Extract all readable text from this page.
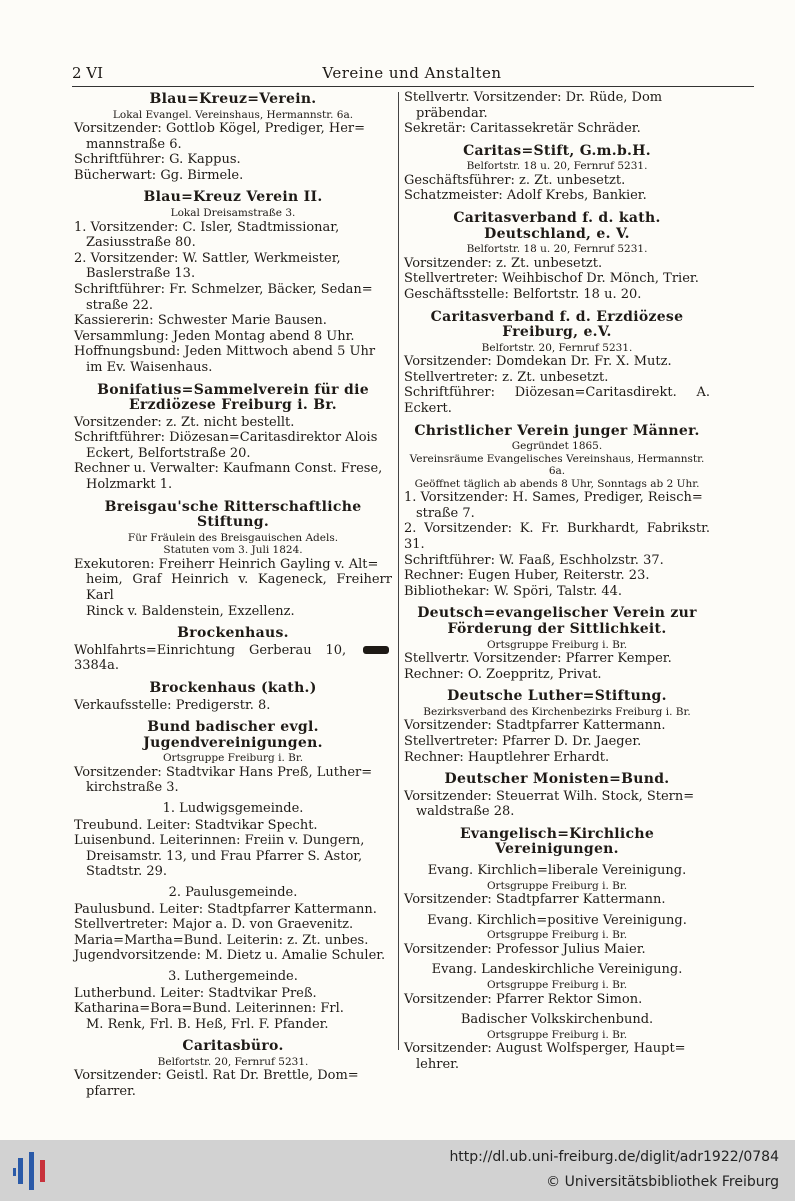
2 VI	Vereine und Anstalten
Blau=Kreuz=Verein.
Lokal Evangel. Vereinshaus, Hermannstr. 6a.
Vorsitzender: Gottlob Kögel, Prediger, Her=
mannstraße 6.
Schriftführer: G. Kappus.
Bücherwart: Gg. Birmele.
Blau=Kreuz Verein II.
Lokal Dreisamstraße 3.
1. Vorsitzender: C. Isler, Stadtmissionar,
Zasiusstraße 80.
2. Vorsitzender: W. Sattler, Werkmeister,
Baslerstraße 13.
Schriftführer: Fr. Schmelzer, Bäcker, Sedan=
straße 22.
Kassiererin: Schwester Marie Bausen.
Versammlung: Jeden Montag abend 8 Uhr.
Hoffnungsbund: Jeden Mittwoch abend 5 Uhr
im Ev. Waisenhaus.
Bonifatius=Sammelverein für die Erzdiözese Freiburg i. Br.
Vorsitzender: z. Zt. nicht bestellt.
Schriftführer: Diözesan=Caritasdirektor Alois
Eckert, Belfortstraße 20.
Rechner u. Verwalter: Kaufmann Const. Frese,
Holzmarkt 1.
Breisgau'sche Ritterschaftliche Stiftung.
Für Fräulein des Breisgauischen Adels.
Statuten vom 3. Juli 1824.
Exekutoren: Freiherr Heinrich Gayling v. Alt=
heim, Graf Heinrich v. Kageneck, Freiherr Karl
Rinck v. Baldenstein, Exzellenz.
Brockenhaus.
Wohlfahrts=Einrichtung Gerberau 10,  3384a.
Brockenhaus (kath.)
Verkaufsstelle: Predigerstr. 8.
Bund badischer evgl. Jugendvereinigungen.
Ortsgruppe Freiburg i. Br.
Vorsitzender: Stadtvikar Hans Preß, Luther=
kirchstraße 3.
1. Ludwigsgemeinde.
Treubund. Leiter: Stadtvikar Specht.
Luisenbund. Leiterinnen: Freiin v. Dungern,
Dreisamstr. 13, und Frau Pfarrer S. Astor,
Stadtstr. 29.
2. Paulusgemeinde.
Paulusbund. Leiter: Stadtpfarrer Kattermann.
Stellvertreter: Major a. D. von Graevenitz.
Maria=Martha=Bund. Leiterin: z. Zt. unbes.
Jugendvorsitzende: M. Dietz u. Amalie Schuler.
3. Luthergemeinde.
Lutherbund. Leiter: Stadtvikar Preß.
Katharina=Bora=Bund. Leiterinnen: Frl.
M. Renk, Frl. B. Heß, Frl. F. Pfander.
Caritasbüro.
Belfortstr. 20, Fernruf 5231.
Vorsitzender: Geistl. Rat Dr. Brettle, Dom=
pfarrer.
Stellvertr. Vorsitzender: Dr. Rüde, Dom
präbendar.
Sekretär: Caritassekretär Schräder.
Caritas=Stift, G.m.b.H.
Belfortstr. 18 u. 20, Fernruf 5231.
Geschäftsführer: z. Zt. unbesetzt.
Schatzmeister: Adolf Krebs, Bankier.
Caritasverband f. d. kath. Deutschland, e. V.
Belfortstr. 18 u. 20, Fernruf 5231.
Vorsitzender: z. Zt. unbesetzt.
Stellvertreter: Weihbischof Dr. Mönch, Trier.
Geschäftsstelle: Belfortstr. 18 u. 20.
Caritasverband f. d. Erzdiözese Freiburg, e.V.
Belfortstr. 20, Fernruf 5231.
Vorsitzender: Domdekan Dr. Fr. X. Mutz.
Stellvertreter: z. Zt. unbesetzt.
Schriftführer: Diözesan=Caritasdirekt. A. Eckert.
Christlicher Verein junger Männer.
Gegründet 1865.
Vereinsräume Evangelisches Vereinshaus, Hermannstr. 6a.
Geöffnet täglich ab abends 8 Uhr, Sonntags ab 2 Uhr.
1. Vorsitzender: H. Sames, Prediger, Reisch=
straße 7.
2. Vorsitzender: K. Fr. Burkhardt, Fabrikstr. 31.
Schriftführer: W. Faaß, Eschholzstr. 37.
Rechner: Eugen Huber, Reiterstr. 23.
Bibliothekar: W. Spöri, Talstr. 44.
Deutsch=evangelischer Verein zur Förderung der Sittlichkeit.
Ortsgruppe Freiburg i. Br.
Stellvertr. Vorsitzender: Pfarrer Kemper.
Rechner: O. Zoeppritz, Privat.
Deutsche Luther=Stiftung.
Bezirksverband des Kirchenbezirks Freiburg i. Br.
Vorsitzender: Stadtpfarrer Kattermann.
Stellvertreter: Pfarrer D. Dr. Jaeger.
Rechner: Hauptlehrer Erhardt.
Deutscher Monisten=Bund.
Vorsitzender: Steuerrat Wilh. Stock, Stern=
waldstraße 28.
Evangelisch=Kirchliche Vereinigungen.
Evang. Kirchlich=liberale Vereinigung.
Ortsgruppe Freiburg i. Br.
Vorsitzender: Stadtpfarrer Kattermann.
Evang. Kirchlich=positive Vereinigung.
Ortsgruppe Freiburg i. Br.
Vorsitzender: Professor Julius Maier.
Evang. Landeskirchliche Vereinigung.
Ortsgruppe Freiburg i. Br.
Vorsitzender: Pfarrer Rektor Simon.
Badischer Volkskirchenbund.
Ortsgruppe Freiburg i. Br.
Vorsitzender: August Wolfsperger, Haupt=
lehrer.
http://dl.ub.uni-freiburg.de/diglit/adr1922/0784
© Universitätsbibliothek Freiburg
